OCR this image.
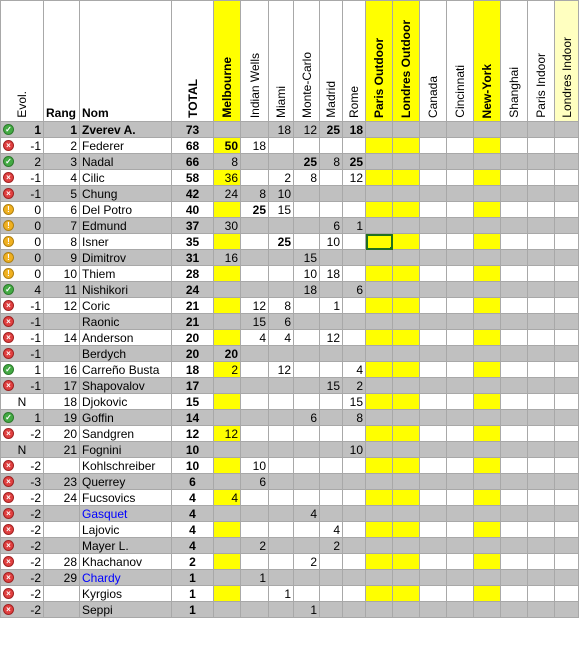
Evol.	Rang	Nom	TOTAL	Melbourne	Indian Wells	Miami	Monte-Carlo	Madrid	Rome	Paris Outdoor	Londres Outdoor	Canada	Cincinnati	New-York	Shanghai	Paris Indoor	Londres Indoor

✓ 1	1	Zverev A.	73			18	12	25	18								

× -1	2	Federer	68	50	18												

✓ 2	3	Nadal	66	8			25	8	25								

× -1	4	Cilic	58	36		2	8		12								

× -1	5	Chung	42	24	8	10											

! 0	6	Del Potro	40		25	15											

! 0	7	Edmund	37	30				6	1								

! 0	8	Isner	35			25		10									

! 0	9	Dimitrov	31	16			15										

! 0	10	Thiem	28				10	18									

✓ 4	11	Nishikori	24				18		6								

× -1	12	Coric	21		12	8		1									

× -1		Raonic	21		15	6											

× -1	14	Anderson	20		4	4		12									

× -1		Berdych	20	20													

✓ 1	16	Carreño Busta	18	2		12			4								

× -1	17	Shapovalov	17					15	2								

N	18	Djokovic	15						15								

✓ 1	19	Goffin	14				6		8								

× -2	20	Sandgren	12	12													

N	21	Fognini	10						10								

× -2		Kohlschreiber	10		10												

× -3	23	Querrey	6		6												

× -2	24	Fucsovics	4	4													

× -2		Gasquet	4				4										

× -2		Lajovic	4					4									

× -2		Mayer L.	4		2			2									

× -2	28	Khachanov	2				2										

× -2	29	Chardy	1		1												

× -2		Kyrgios	1			1											

× -2		Seppi	1				1										
